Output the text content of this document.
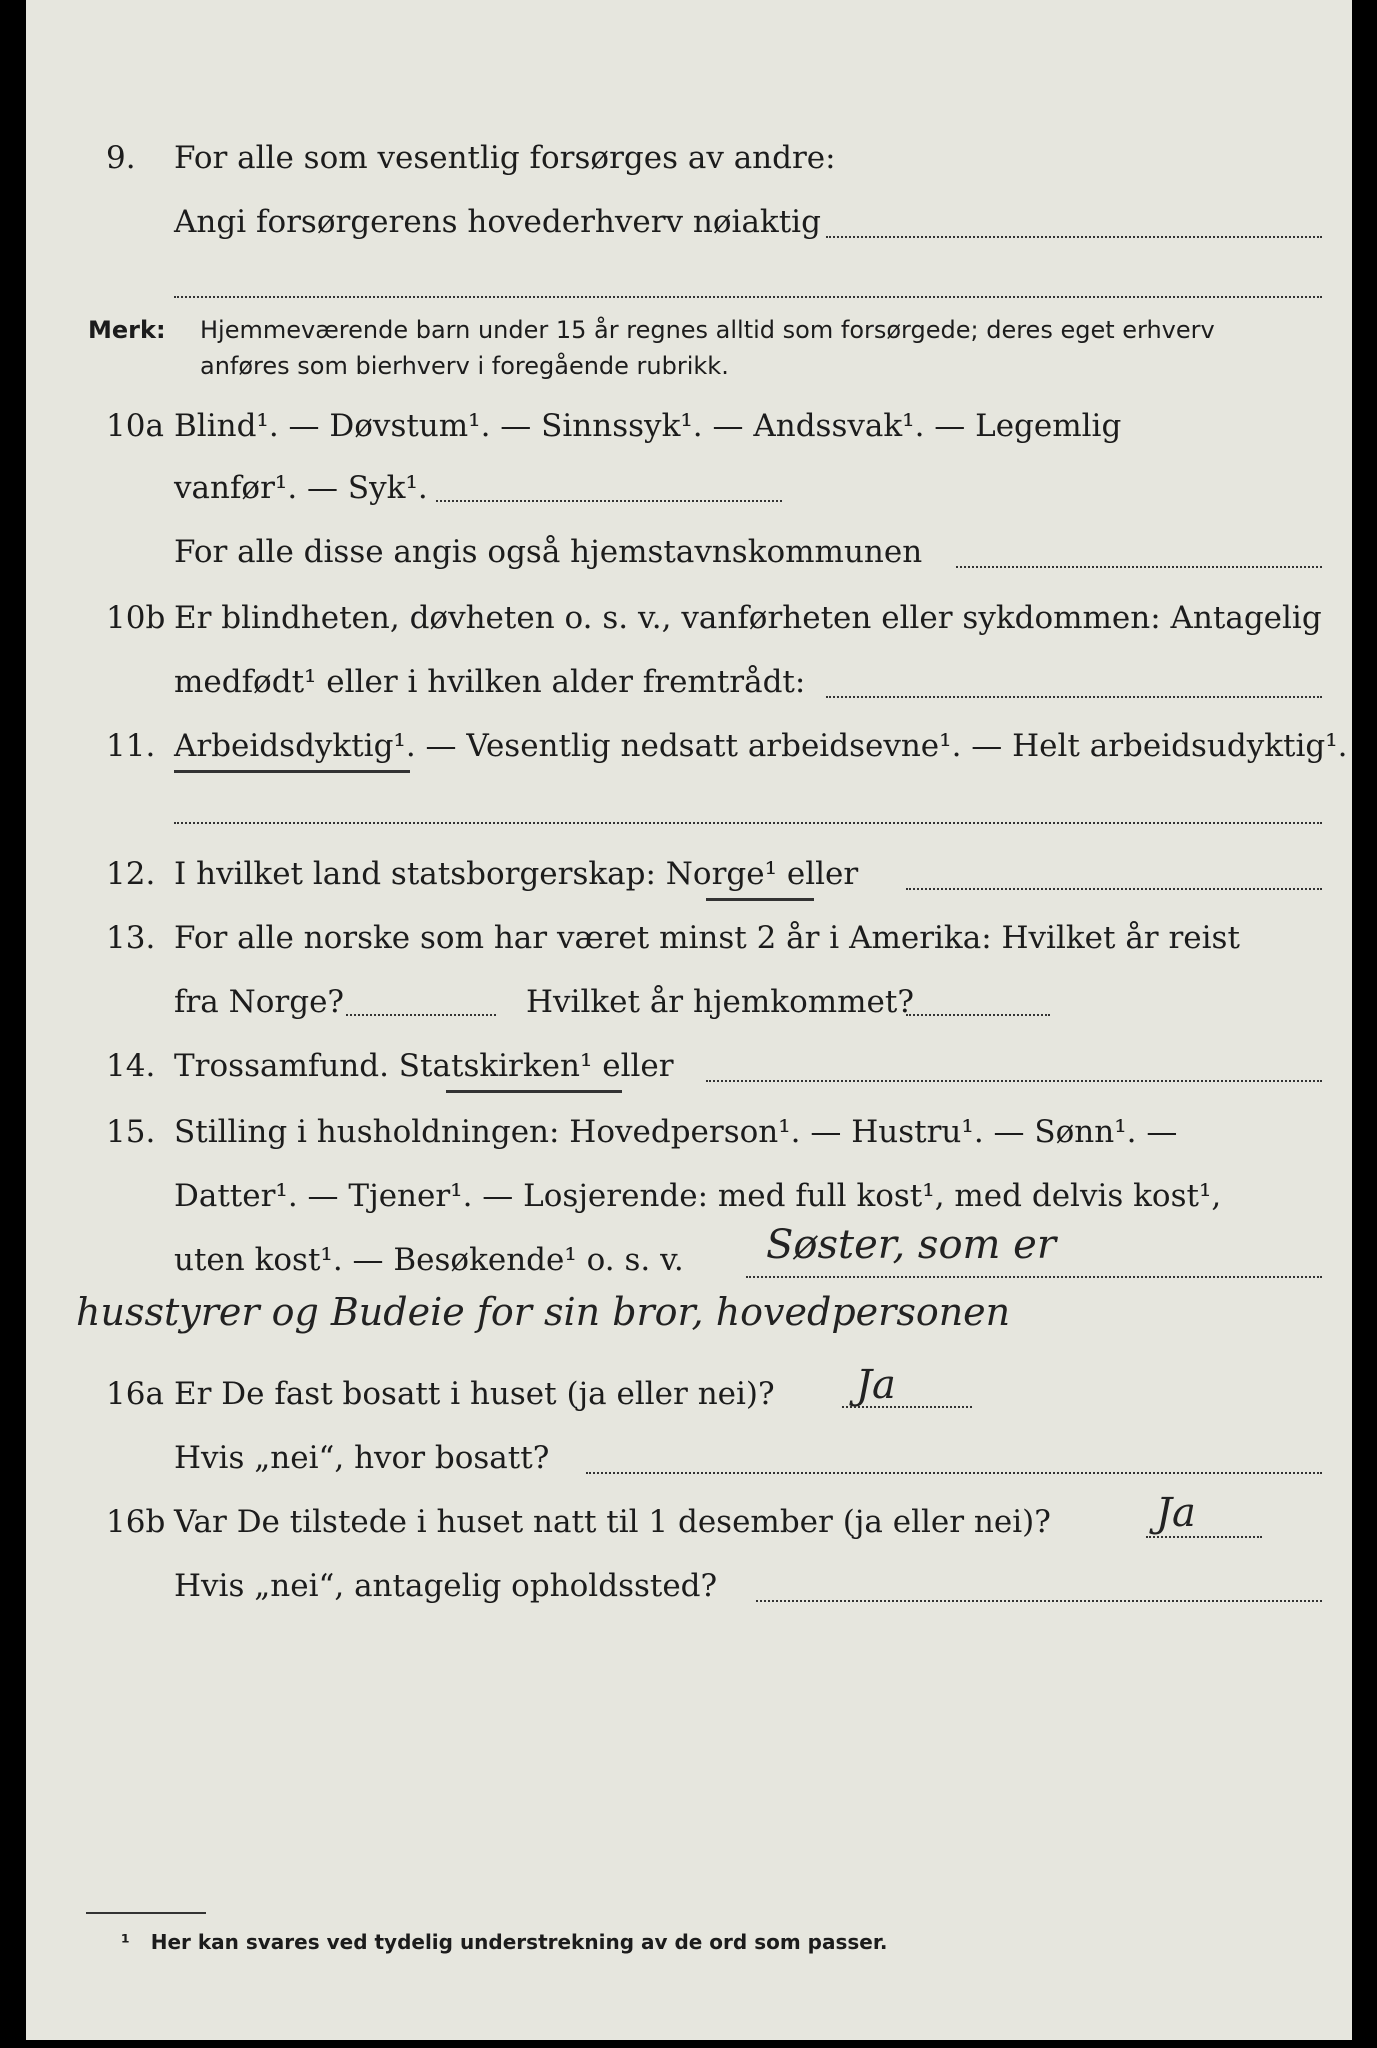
9. For alle som vesentlig forsørges av andre:
Angi forsørgerens hovederhverv nøiaktig
Merk: Hjemmeværende barn under 15 år regnes alltid som forsørgede; deres eget erhverv
anføres som bierhverv i foregående rubrikk.
10a Blind¹. — Døvstum¹. — Sinnssyk¹. — Andssvak¹. — Legemlig
vanfør¹. — Syk¹.
For alle disse angis også hjemstavnskommunen
10b Er blindheten, døvheten o. s. v., vanførheten eller sykdommen: Antagelig
medfødt¹ eller i hvilken alder fremtrådt:
11. Arbeidsdyktig¹. — Vesentlig nedsatt arbeidsevne¹. — Helt arbeidsudyktig¹.
12. I hvilket land statsborgerskap: Norge¹ eller
13. For alle norske som har været minst 2 år i Amerika: Hvilket år reist
fra Norge?	Hvilket år hjemkommet?
14. Trossamfund. Statskirken¹ eller
15. Stilling i husholdningen: Hovedperson¹. — Hustru¹. — Sønn¹. —
Datter¹. — Tjener¹. — Losjerende: med full kost¹, med delvis kost¹,
uten kost¹. — Besøkende¹ o. s. v. Søster, som er
husstyrer og Budeie for sin bror, hovedpersonen
16a Er De fast bosatt i huset (ja eller nei)? Ja
Hvis „nei“, hvor bosatt?
16b Var De tilstede i huset natt til 1 desember (ja eller nei)?	Ja
Hvis „nei“, antagelig opholdssted?
¹ Her kan svares ved tydelig understrekning av de ord som passer.
